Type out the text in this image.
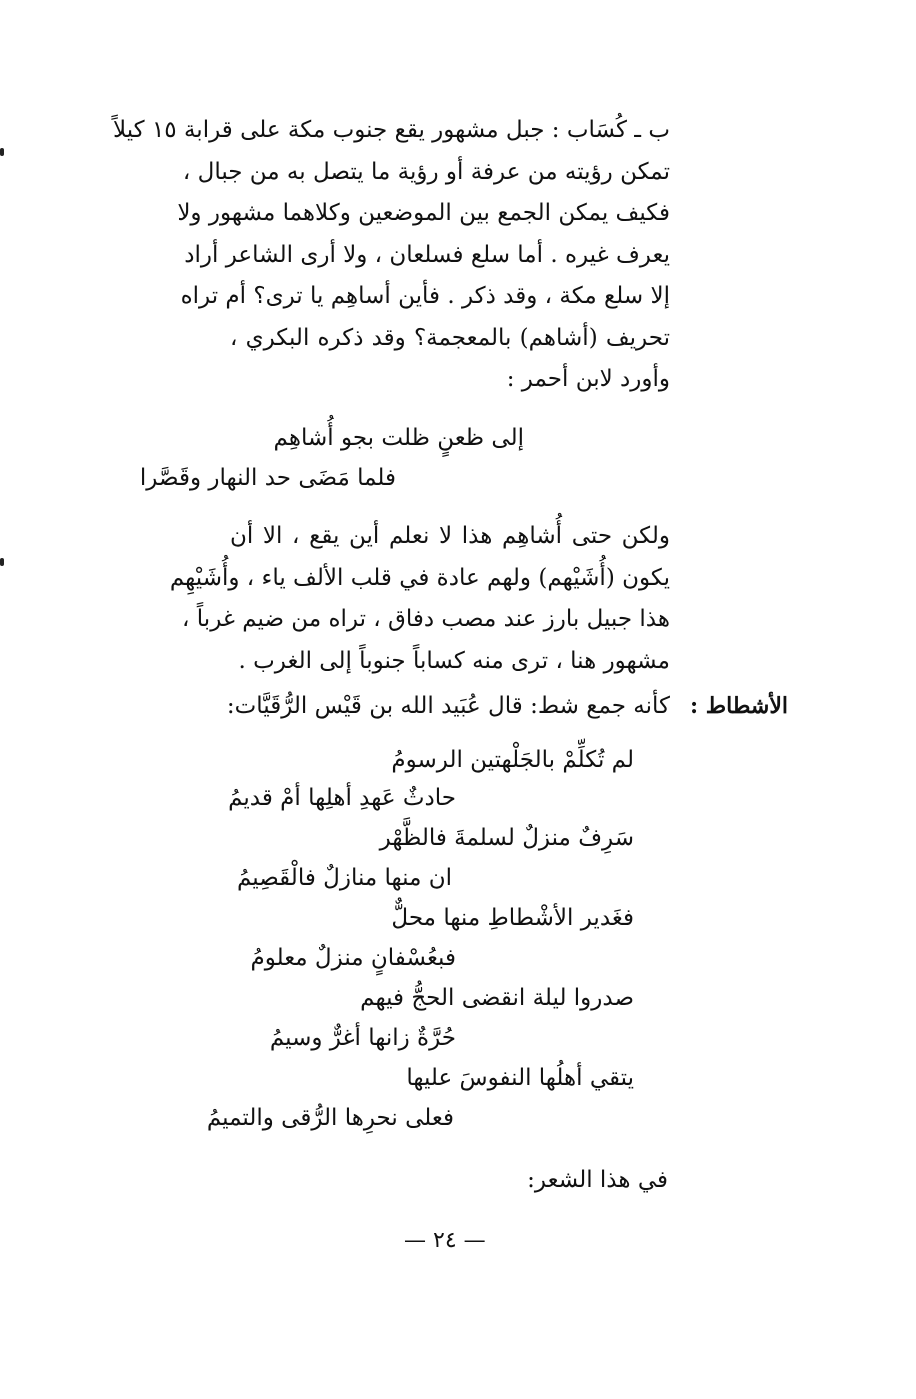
ب ـ كُسَاب : جبل مشهور يقع جنوب مكة على قرابة ١٥ كيلاً
تمكن رؤيته من عرفة أو رؤية ما يتصل به من جبال ،
فكيف يمكن الجمع بين الموضعين وكلاهما مشهور ولا
يعرف غيره . أما سلع فسلعان ، ولا أرى الشاعر أراد
إلا سلع مكة ، وقد ذكر . فأين أساهِم يا ترى؟ أم تراه
تحريف (أشاهم) بالمعجمة؟ وقد ذكره البكري ،
وأورد لابن أحمر :
إلى ظعنٍ ظلت بجو أُشاهِم
فلما مَضَى حد النهار وقَصَّرا
ولكن حتى أُشاهِم هذا لا نعلم أين يقع ، الا أن
يكون (أُشَيْهم) ولهم عادة في قلب الألف ياء ، وأُشَيْهِم
هذا جبيل بارز عند مصب دفاق ، تراه من ضيم غرباً ،
مشهور هنا ، ترى منه كساباً جنوباً إلى الغرب .
الأشطاط :
كأنه جمع شط: قال عُبَيد الله بن قَيْس الرُّقَيَّات:
لم تُكلِّمْ بالجَلْهتين الرسومُ
حادثٌ عَهدِ أهلِها أمْ قديمُ
سَرِفٌ منزلٌ لسلمةَ فالظَّهْر
ان منها منازلٌ فالْقَصِيمُ
فغَدير الأشْطاطِ منها محلٌّ
فبعُسْفانٍ منزلٌ معلومُ
صدروا ليلة انقضى الحجُّ فيهم
حُرَّةٌ زانها أغرٌّ وسيمُ
يتقي أهلُها النفوسَ عليها
فعلى نحرِها الرُّقى والتميمُ
في هذا الشعر:
— ٢٤ —
